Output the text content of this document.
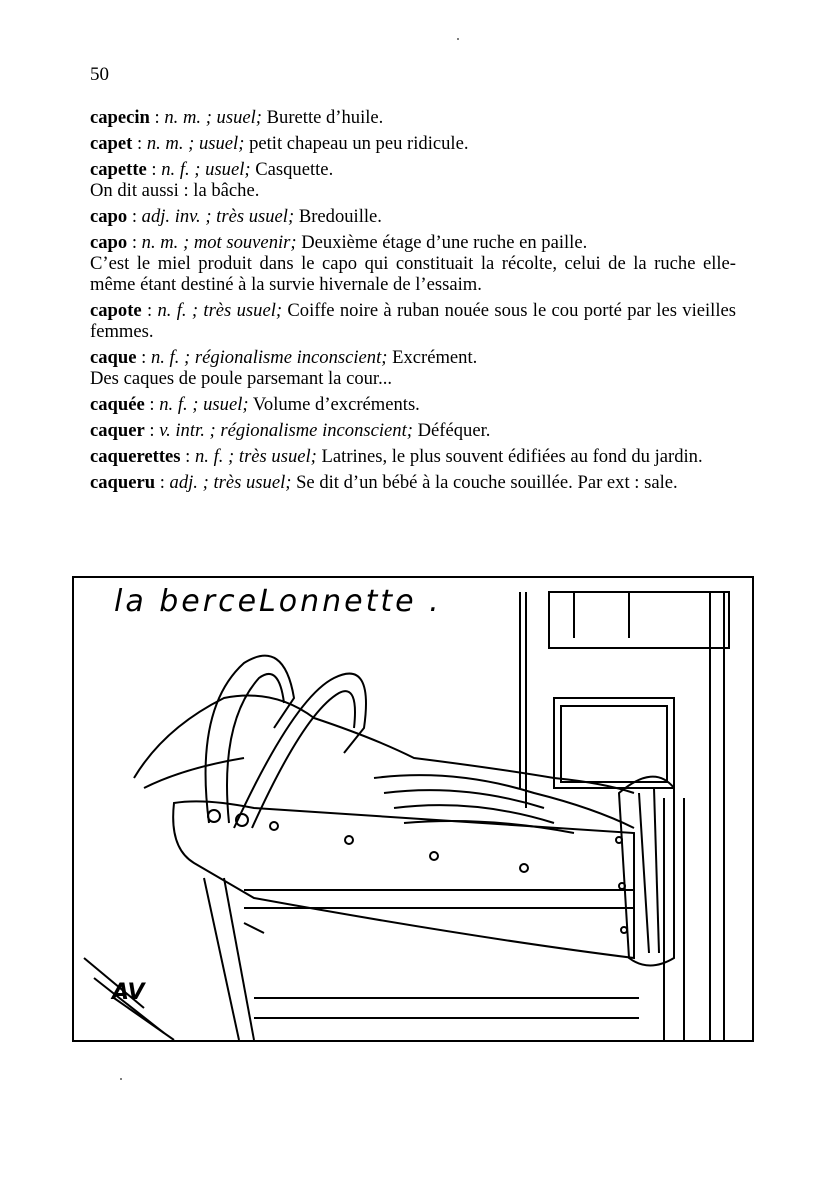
50
capecin : n. m. ; usuel; Burette d’huile.
capet : n. m. ; usuel; petit chapeau un peu ridicule.
capette : n. f. ; usuel; Casquette.
On dit aussi : la bâche.
capo : adj. inv. ; très usuel; Bredouille.
capo : n. m. ; mot souvenir; Deuxième étage d’une ruche en paille.
C’est le miel produit dans le capo qui constituait la récolte, celui de la ruche elle-même étant destiné à la survie hivernale de l’essaim.
capote : n. f. ; très usuel; Coiffe noire à ruban nouée sous le cou porté par les vieilles femmes.
caque : n. f. ; régionalisme inconscient; Excrément.
Des caques de poule parsemant la cour...
caquée : n. f. ; usuel; Volume d’excréments.
caquer : v. intr. ; régionalisme inconscient; Déféquer.
caquerettes : n. f. ; très usuel; Latrines, le plus souvent édifiées au fond du jardin.
caqueru : adj. ; très usuel; Se dit d’un bébé à la couche souillée. Par ext : sale.
la berceLonnette .
AV
